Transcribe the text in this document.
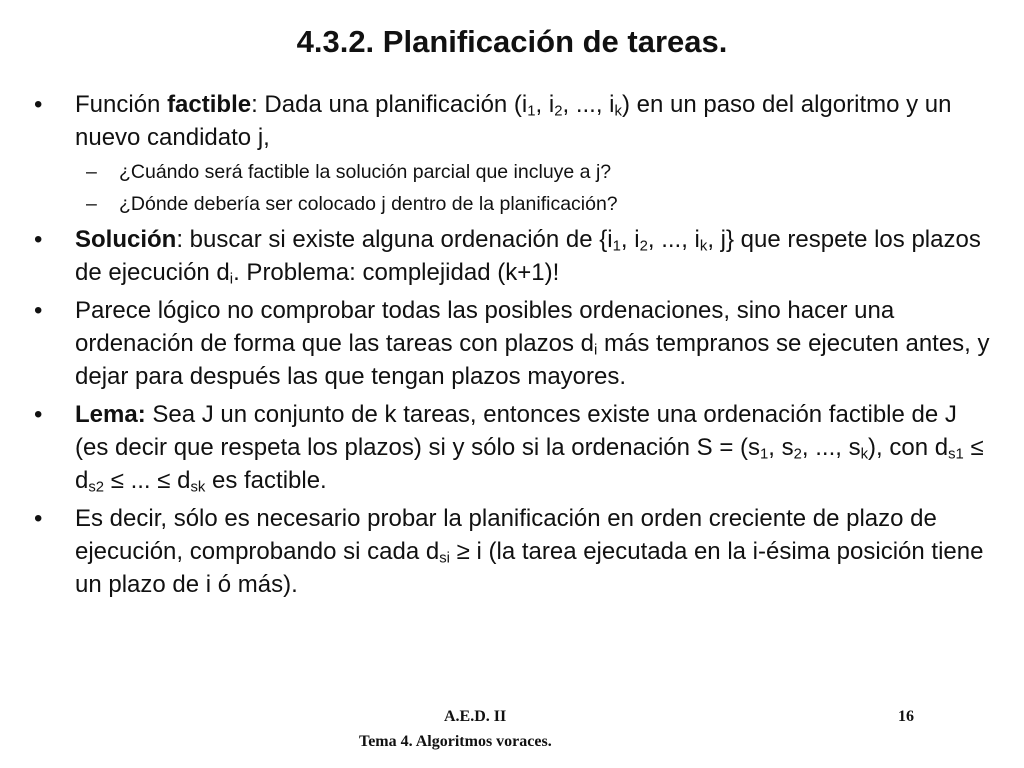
4.3.2. Planificación de tareas.
• Función factible: Dada una planificación ($i_1$, $i_2$, ..., $i_k$) en un paso del algoritmo y un nuevo candidato j,
– ¿Cuándo será factible la solución parcial que incluye a j?
– ¿Dónde debería ser colocado j dentro de la planificación?
• Solución: buscar si existe alguna ordenación de {$i_1$, $i_2$, ..., $i_k$, j} que respete los plazos de ejecución $d_i$. Problema: complejidad (k+1)!
• Parece lógico no comprobar todas las posibles ordenaciones, sino hacer una ordenación de forma que las tareas con plazos $d_i$ más tempranos se ejecuten antes, y dejar para después las que tengan plazos mayores.
• Lema: Sea J un conjunto de k tareas, entonces existe una ordenación factible de J (es decir que respeta los plazos) si y sólo si la ordenación $S = (s_1$, $s_2$, ..., $s_k$), con $d_{s1} \le d_{s2}$ ≤ ... ≤ $d_{sk}$ es factible.
• Es decir, sólo es necesario probar la planificación en orden creciente de plazo de ejecución, comprobando si cada $d_{si} \ge i$ (la tarea ejecutada en la i-ésima posición tiene un plazo de i ó más).
A.E.D. II
Tema 4. Algoritmos voraces.
16
